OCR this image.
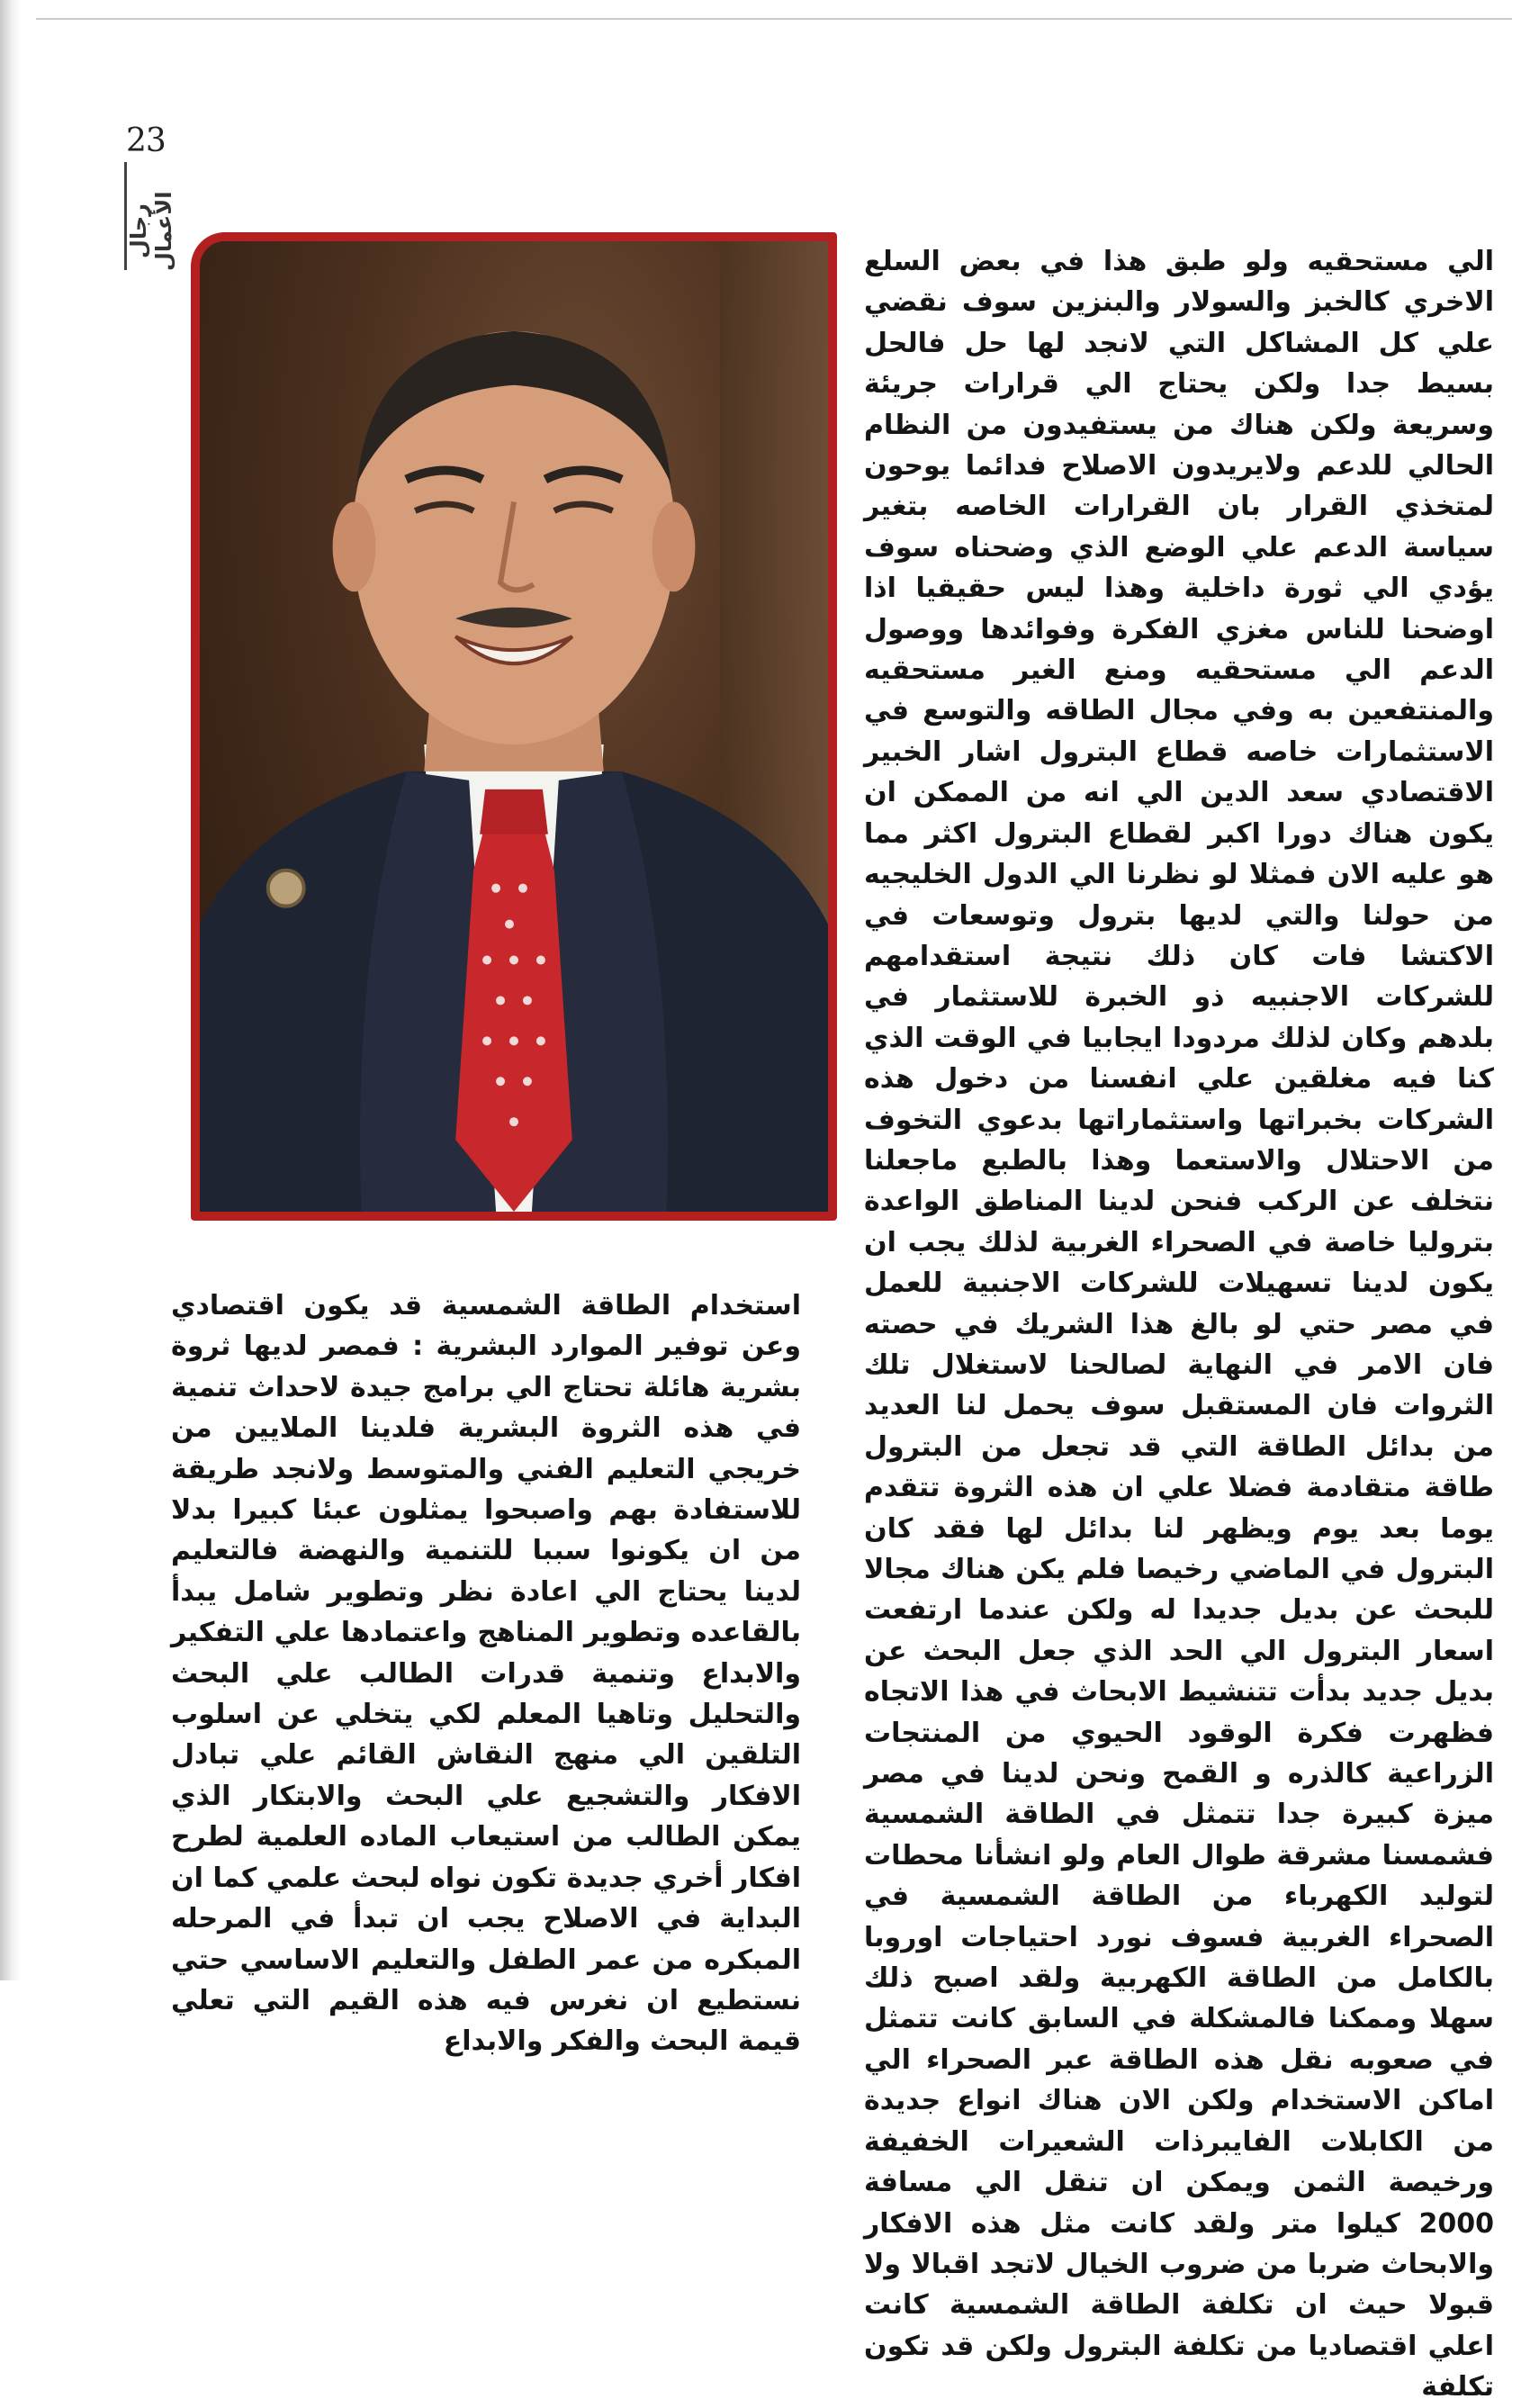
23
رجال الأعمال	الي مستحقيه ولو طبق هذا في بعض السلع الاخري كالخبز والسولار والبنزين سوف نقضي علي كل المشاكل التي لانجد لها حل فالحل بسيط جدا ولكن يحتاج الي قرارات جريئة وسريعة ولكن هناك من يستفيدون من النظام الحالي للدعم ولايريدون الاصلاح فدائما يوحون لمتخذي القرار بان القرارات الخاصه بتغير سياسة الدعم علي الوضع الذي وضحناه سوف يؤدي الي ثورة داخلية وهذا ليس حقيقيا اذا اوضحنا للناس مغزي الفكرة وفوائدها ووصول الدعم الي مستحقيه ومنع الغير مستحقيه والمنتفعين به وفي مجال الطاقه والتوسع في الاستثمارات خاصه قطاع البترول اشار الخبير الاقتصادي سعد الدين الي انه من الممكن ان يكون هناك دورا اكبر لقطاع البترول اكثر مما هو عليه الان فمثلا لو نظرنا الي الدول الخليجيه من حولنا والتي لديها بترول وتوسعات في الاكتشا فات كان ذلك نتيجة استقدامهم للشركات الاجنبيه ذو الخبرة للاستثمار في بلدهم وكان لذلك مردودا ايجابيا في الوقت الذي كنا فيه مغلقين علي انفسنا من دخول هذه الشركات بخبراتها واستثماراتها بدعوي التخوف من الاحتلال والاستعما وهذا بالطبع ماجعلنا نتخلف عن الركب فنحن لدينا المناطق الواعدة بتروليا خاصة في الصحراء الغربية لذلك يجب ان يكون لدينا تسهيلات للشركات الاجنبية للعمل في مصر حتي لو بالغ هذا الشريك في حصته فان الامر في النهاية لصالحنا لاستغلال تلك الثروات فان المستقبل سوف يحمل لنا العديد من بدائل الطاقة التي قد تجعل من البترول طاقة متقادمة فضلا علي ان هذه الثروة تتقدم يوما بعد يوم ويظهر لنا بدائل لها فقد كان البترول في الماضي رخيصا فلم يكن هناك مجالا للبحث عن بديل جديدا له ولكن عندما ارتفعت اسعار البترول الي الحد الذي جعل البحث عن بديل جديد بدأت تتنشيط الابحاث في هذا الاتجاه فظهرت فكرة الوقود الحيوي من المنتجات الزراعية كالذره و القمح ونحن لدينا في مصر ميزة كبيرة جدا تتمثل في الطاقة الشمسية فشمسنا مشرقة طوال العام ولو انشأنا محطات لتوليد الكهرباء من الطاقة الشمسية في الصحراء الغربية فسوف نورد احتياجات اوروبا بالكامل من الطاقة الكهربية ولقد اصبح ذلك سهلا وممكنا فالمشكلة في السابق كانت تتمثل في صعوبه نقل هذه الطاقة عبر الصحراء الي اماكن الاستخدام ولكن الان هناك انواع جديدة من الكابلات الفايبرذات الشعيرات الخفيفة ورخيصة الثمن ويمكن ان تنقل الي مسافة 2000 كيلوا متر ولقد كانت مثل هذه الافكار والابحاث ضربا من ضروب الخيال لاتجد اقبالا ولا قبولا حيث ان تكلفة الطاقة الشمسية كانت اعلي اقتصاديا من تكلفة البترول ولكن قد تكون تكلفة

استخدام الطاقة الشمسية قد يكون اقتصادي وعن توفير الموارد البشرية : فمصر لديها ثروة بشرية هائلة تحتاج الي برامج جيدة لاحداث تنمية في هذه الثروة البشرية فلدينا الملايين من خريجي التعليم الفني والمتوسط ولانجد طريقة للاستفادة بهم واصبحوا يمثلون عبئا كبيرا بدلا من ان يكونوا سببا للتنمية والنهضة فالتعليم لدينا يحتاج الي اعادة نظر وتطوير شامل يبدأ بالقاعده وتطوير المناهج واعتمادها علي التفكير والابداع وتنمية قدرات الطالب علي البحث والتحليل وتاهيا المعلم لكي يتخلي عن اسلوب التلقين الي منهج النقاش القائم علي تبادل الافكار والتشجيع علي البحث والابتكار الذي يمكن الطالب من استيعاب الماده العلمية لطرح افكار أخري جديدة تكون نواه لبحث علمي كما ان البداية في الاصلاح يجب ان تبدأ في المرحله المبكره من عمر الطفل والتعليم الاساسي حتي نستطيع ان نغرس فيه هذه القيم التي تعلي قيمة البحث والفكر والابداع
